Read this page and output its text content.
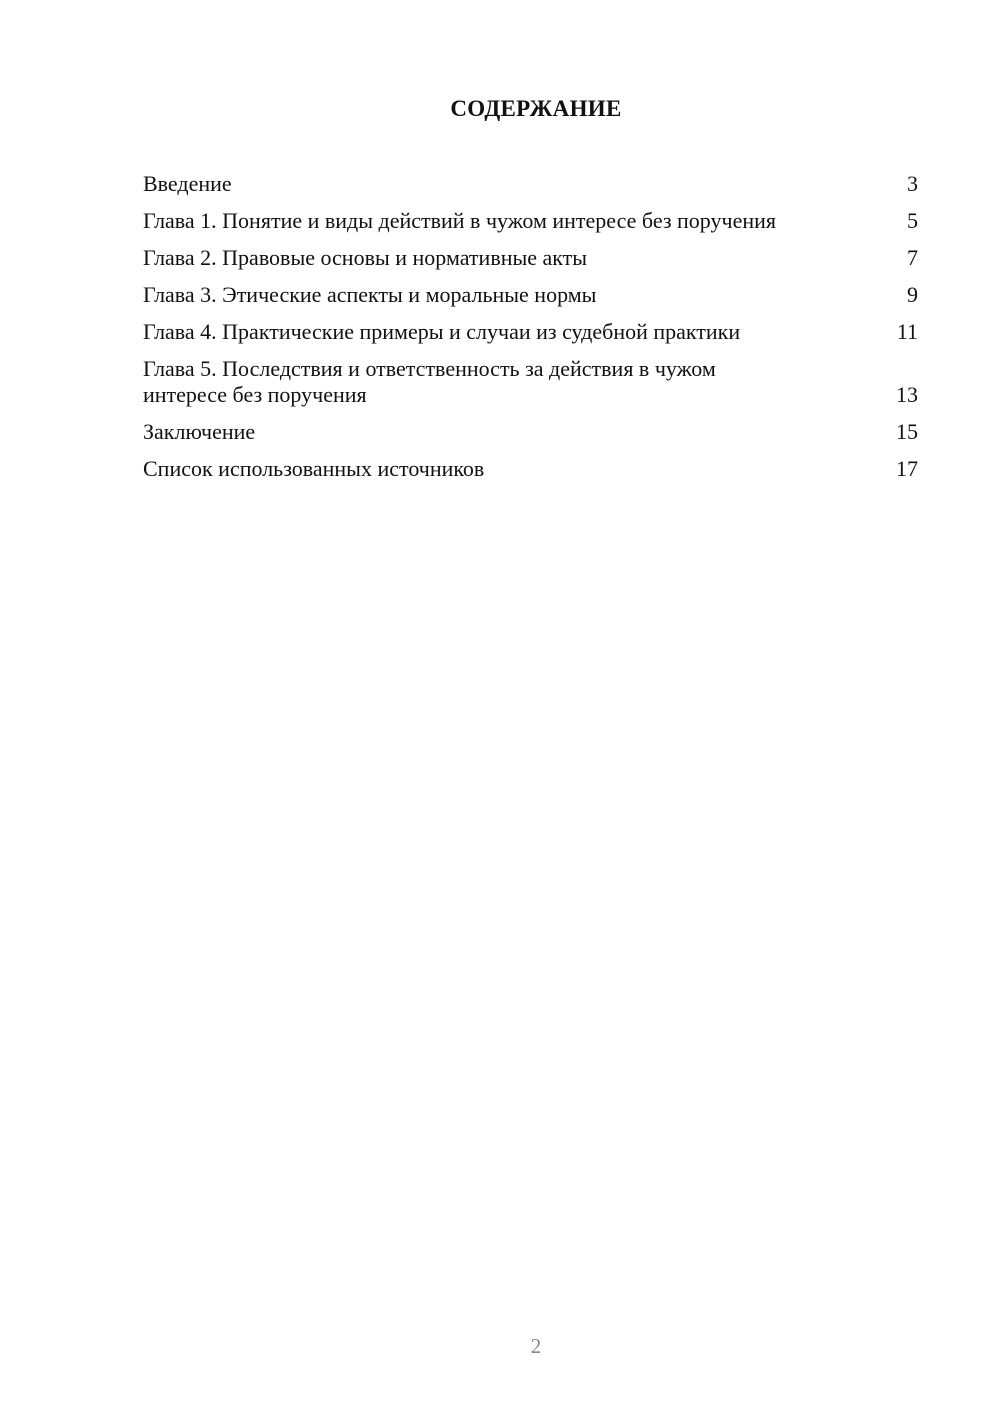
СОДЕРЖАНИЕ
Введение	3
Глава 1. Понятие и виды действий в чужом интересе без поручения	5
Глава 2. Правовые основы и нормативные акты	7
Глава 3. Этические аспекты и моральные нормы	9
Глава 4. Практические примеры и случаи из судебной практики	11
Глава 5. Последствия и ответственность за действия в чужом интересе без поручения	13
Заключение	15
Список использованных источников	17
2
